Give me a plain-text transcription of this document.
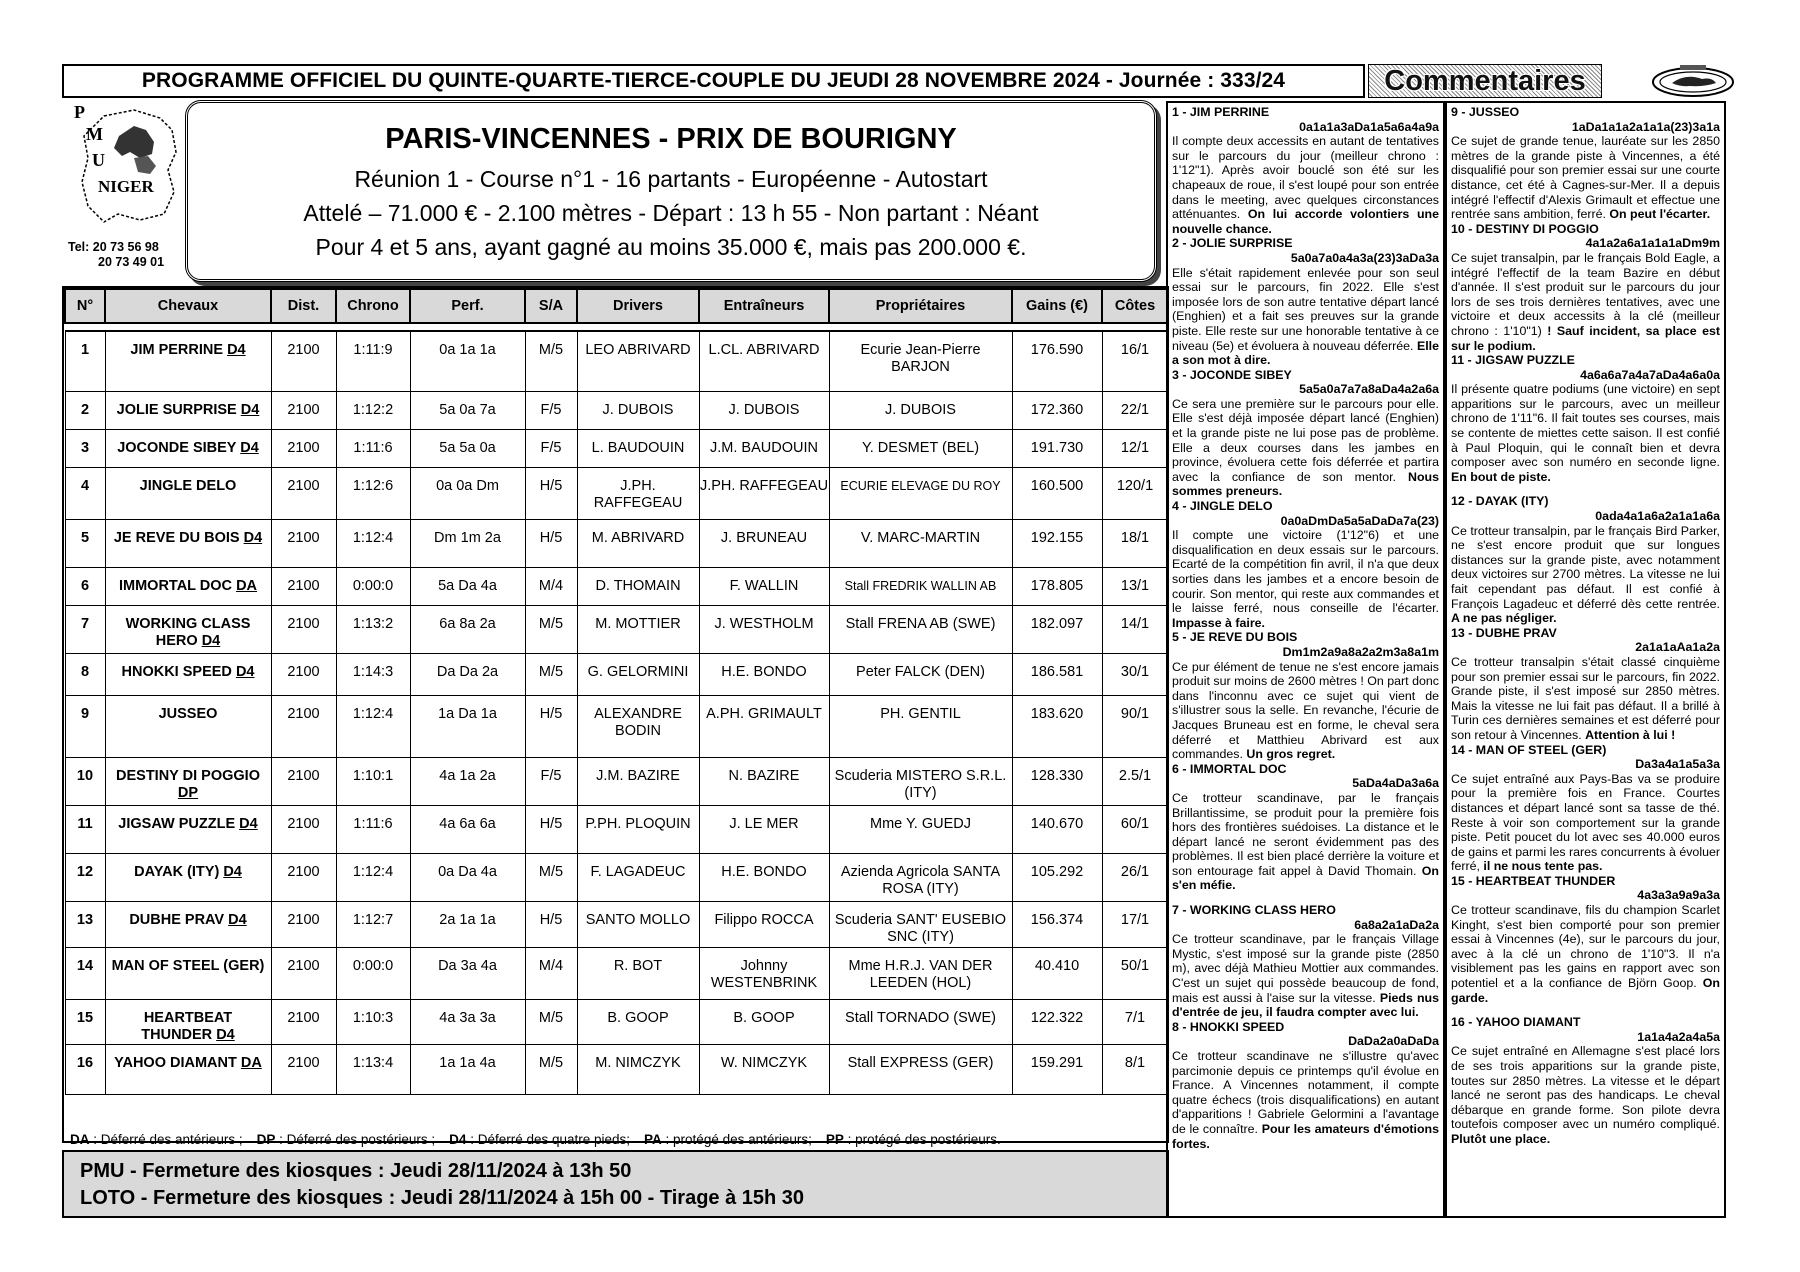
PROGRAMME OFFICIEL DU QUINTE-QUARTE-TIERCE-COUPLE DU JEUDI 28 NOVEMBRE 2024 - Journée : 333/24	Commentaires
P
M
U
NIGER
Tel: 20 73 56 98
20 73 49 01
PARIS-VINCENNES - PRIX DE BOURIGNY
Réunion 1 - Course n°1 - 16 partants - Européenne - Autostart
Attelé – 71.000 € - 2.100 mètres - Départ : 13 h 55 - Non partant : Néant
Pour 4 et 5 ans, ayant gagné au moins 35.000 €, mais pas 200.000 €.
N°	Chevaux	Dist.	Chrono	Perf.	S/A	Drivers	Entraîneurs	Propriétaires	Gains (€)	Côtes

1	JIM PERRINE D4	2100	1:11:9	0a 1a 1a	M/5	LEO ABRIVARD	L.CL. ABRIVARD	Ecurie Jean-Pierre BARJON	176.590	16/1
2	JOLIE SURPRISE D4	2100	1:12:2	5a 0a 7a	F/5	J. DUBOIS	J. DUBOIS	J. DUBOIS	172.360	22/1
3	JOCONDE SIBEY D4	2100	1:11:6	5a 5a 0a	F/5	L. BAUDOUIN	J.M. BAUDOUIN	Y. DESMET (BEL)	191.730	12/1
4	JINGLE DELO	2100	1:12:6	0a 0a Dm	H/5	J.PH. RAFFEGEAU	J.PH. RAFFEGEAU	ECURIE ELEVAGE DU ROY	160.500	120/1
5	JE REVE DU BOIS D4	2100	1:12:4	Dm 1m 2a	H/5	M. ABRIVARD	J. BRUNEAU	V. MARC-MARTIN	192.155	18/1
6	IMMORTAL DOC DA	2100	0:00:0	5a Da 4a	M/4	D. THOMAIN	F. WALLIN	Stall FREDRIK WALLIN AB	178.805	13/1
7	WORKING CLASS HERO D4	2100	1:13:2	6a 8a 2a	M/5	M. MOTTIER	J. WESTHOLM	Stall FRENA AB (SWE)	182.097	14/1
8	HNOKKI SPEED D4	2100	1:14:3	Da Da 2a	M/5	G. GELORMINI	H.E. BONDO	Peter FALCK (DEN)	186.581	30/1
9	JUSSEO	2100	1:12:4	1a Da 1a	H/5	ALEXANDRE BODIN	A.PH. GRIMAULT	PH. GENTIL	183.620	90/1
10	DESTINY DI POGGIO DP	2100	1:10:1	4a 1a 2a	F/5	J.M. BAZIRE	N. BAZIRE	Scuderia MISTERO S.R.L. (ITY)	128.330	2.5/1
11	JIGSAW PUZZLE D4	2100	1:11:6	4a 6a 6a	H/5	P.PH. PLOQUIN	J. LE MER	Mme Y. GUEDJ	140.670	60/1
12	DAYAK (ITY) D4	2100	1:12:4	0a Da 4a	M/5	F. LAGADEUC	H.E. BONDO	Azienda Agricola SANTA ROSA (ITY)	105.292	26/1
13	DUBHE PRAV D4	2100	1:12:7	2a 1a 1a	H/5	SANTO MOLLO	Filippo ROCCA	Scuderia SANT' EUSEBIO SNC (ITY)	156.374	17/1
14	MAN OF STEEL (GER)	2100	0:00:0	Da 3a 4a	M/4	R. BOT	Johnny WESTENBRINK	Mme H.R.J. VAN DER LEEDEN (HOL)	40.410	50/1
15	HEARTBEAT THUNDER D4	2100	1:10:3	4a 3a 3a	M/5	B. GOOP	B. GOOP	Stall TORNADO (SWE)	122.322	7/1
16	YAHOO DIAMANT DA	2100	1:13:4	1a 1a 4a	M/5	M. NIMCZYK	W. NIMCZYK	Stall EXPRESS (GER)	159.291	8/1
DA : Déferré des antérieurs ; DP : Déferré des postérieurs ; D4 : Déferré des quatre pieds; PA : protégé des antérieurs; PP : protégé des postérieurs.
PMU - Fermeture des kiosques : Jeudi 28/11/2024 à 13h 50
LOTO - Fermeture des kiosques : Jeudi 28/11/2024 à 15h 00 - Tirage à 15h 30
1 - JIM PERRINE
0a1a1a3aDa1a5a6a4a9a
Il compte deux accessits en autant de tentatives sur le parcours du jour (meilleur chrono : 1'12"1). Après avoir bouclé son été sur les chapeaux de roue, il s'est loupé pour son entrée dans le meeting, avec quelques circonstances atténuantes. On lui accorde volontiers une nouvelle chance.
2 - JOLIE SURPRISE
5a0a7a0a4a3a(23)3aDa3a
Elle s'était rapidement enlevée pour son seul essai sur le parcours, fin 2022. Elle s'est imposée lors de son autre tentative départ lancé (Enghien) et a fait ses preuves sur la grande piste. Elle reste sur une honorable tentative à ce niveau (5e) et évoluera à nouveau déferrée. Elle a son mot à dire.
3 - JOCONDE SIBEY
5a5a0a7a7a8aDa4a2a6a
Ce sera une première sur le parcours pour elle. Elle s'est déjà imposée départ lancé (Enghien) et la grande piste ne lui pose pas de problème. Elle a deux courses dans les jambes en province, évoluera cette fois déferrée et partira avec la confiance de son mentor. Nous sommes preneurs.
4 - JINGLE DELO
0a0aDmDa5a5aDaDa7a(23)
Il compte une victoire (1'12"6) et une disqualification en deux essais sur le parcours. Ecarté de la compétition fin avril, il n'a que deux sorties dans les jambes et a encore besoin de courir. Son mentor, qui reste aux commandes et le laisse ferré, nous conseille de l'écarter. Impasse à faire.
5 - JE REVE DU BOIS
Dm1m2a9a8a2a2m3a8a1m
Ce pur élément de tenue ne s'est encore jamais produit sur moins de 2600 mètres ! On part donc dans l'inconnu avec ce sujet qui vient de s'illustrer sous la selle. En revanche, l'écurie de Jacques Bruneau est en forme, le cheval sera déferré et Matthieu Abrivard est aux commandes. Un gros regret.
6 - IMMORTAL DOC
5aDa4aDa3a6a
Ce trotteur scandinave, par le français Brillantissime, se produit pour la première fois hors des frontières suédoises. La distance et le départ lancé ne seront évidemment pas des problèmes. Il est bien placé derrière la voiture et son entourage fait appel à David Thomain. On s'en méfie.
7 - WORKING CLASS HERO
6a8a2a1aDa2a
Ce trotteur scandinave, par le français Village Mystic, s'est imposé sur la grande piste (2850 m), avec déjà Mathieu Mottier aux commandes. C'est un sujet qui possède beaucoup de fond, mais est aussi à l'aise sur la vitesse. Pieds nus d'entrée de jeu, il faudra compter avec lui.
8 - HNOKKI SPEED
DaDa2a0aDaDa
Ce trotteur scandinave ne s'illustre qu'avec parcimonie depuis ce printemps qu'il évolue en France. A Vincennes notamment, il compte quatre échecs (trois disqualifications) en autant d'apparitions ! Gabriele Gelormini a l'avantage de le connaître. Pour les amateurs d'émotions fortes.
9 - JUSSEO
1aDa1a1a2a1a1a(23)3a1a
Ce sujet de grande tenue, lauréate sur les 2850 mètres de la grande piste à Vincennes, a été disqualifié pour son premier essai sur une courte distance, cet été à Cagnes-sur-Mer. Il a depuis intégré l'effectif d'Alexis Grimault et effectue une rentrée sans ambition, ferré. On peut l'écarter.
10 - DESTINY DI POGGIO
4a1a2a6a1a1a1aDm9m
Ce sujet transalpin, par le français Bold Eagle, a intégré l'effectif de la team Bazire en début d'année. Il s'est produit sur le parcours du jour lors de ses trois dernières tentatives, avec une victoire et deux accessits à la clé (meilleur chrono : 1'10"1) ! Sauf incident, sa place est sur le podium.
11 - JIGSAW PUZZLE
4a6a6a7a4a7aDa4a6a0a
Il présente quatre podiums (une victoire) en sept apparitions sur le parcours, avec un meilleur chrono de 1'11"6. Il fait toutes ses courses, mais se contente de miettes cette saison. Il est confié à Paul Ploquin, qui le connaît bien et devra composer avec son numéro en seconde ligne. En bout de piste.
12 - DAYAK (ITY)
0ada4a1a6a2a1a1a6a
Ce trotteur transalpin, par le français Bird Parker, ne s'est encore produit que sur longues distances sur la grande piste, avec notamment deux victoires sur 2700 mètres. La vitesse ne lui fait cependant pas défaut. Il est confié à François Lagadeuc et déferré dès cette rentrée. A ne pas négliger.
13 - DUBHE PRAV
2a1a1aAa1a2a
Ce trotteur transalpin s'était classé cinquième pour son premier essai sur le parcours, fin 2022. Grande piste, il s'est imposé sur 2850 mètres. Mais la vitesse ne lui fait pas défaut. Il a brillé à Turin ces dernières semaines et est déferré pour son retour à Vincennes. Attention à lui !
14 - MAN OF STEEL (GER)
Da3a4a1a5a3a
Ce sujet entraîné aux Pays-Bas va se produire pour la première fois en France. Courtes distances et départ lancé sont sa tasse de thé. Reste à voir son comportement sur la grande piste. Petit poucet du lot avec ses 40.000 euros de gains et parmi les rares concurrents à évoluer ferré, il ne nous tente pas.
15 - HEARTBEAT THUNDER
4a3a3a9a9a3a
Ce trotteur scandinave, fils du champion Scarlet Kinght, s'est bien comporté pour son premier essai à Vincennes (4e), sur le parcours du jour, avec à la clé un chrono de 1'10"3. Il n'a visiblement pas les gains en rapport avec son potentiel et a la confiance de Björn Goop. On garde.
16 - YAHOO DIAMANT
1a1a4a2a4a5a
Ce sujet entraîné en Allemagne s'est placé lors de ses trois apparitions sur la grande piste, toutes sur 2850 mètres. La vitesse et le départ lancé ne seront pas des handicaps. Le cheval débarque en grande forme. Son pilote devra toutefois composer avec un numéro compliqué. Plutôt une place.
